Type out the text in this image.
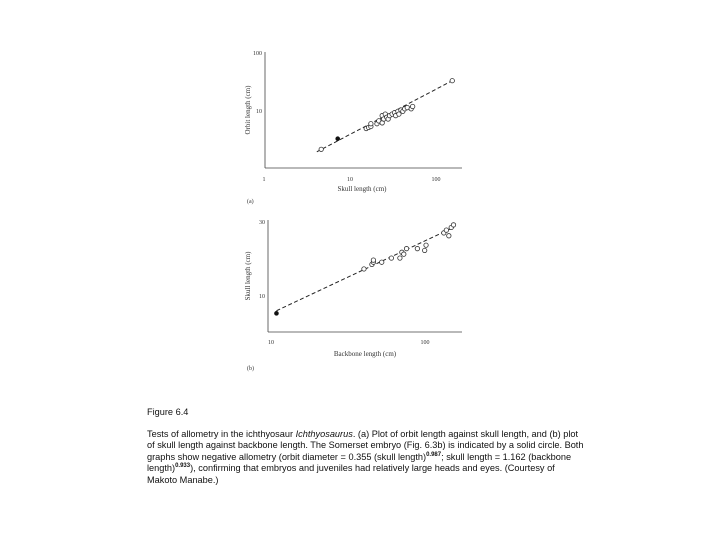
1	10	100
10
100
Skull length (cm)
Orbit length (cm)
(a)
10	100
10
30
Backbone length (cm)
Skull length (cm)
(b)
Figure 6.4
Tests of allometry in the ichthyosaur Ichthyosaurus. (a) Plot of orbit length against skull length, and (b) plot of skull length against backbone length. The Somerset embryo (Fig. 6.3b) is indicated by a solid circle. Both graphs show negative allometry (orbit diameter = 0.355 (skull length)$^{0.987}$; skull length = 1.162 (backbone length)$^{0.933}$), confirming that embryos and juveniles had relatively large heads and eyes. (Courtesy of Makoto Manabe.)
